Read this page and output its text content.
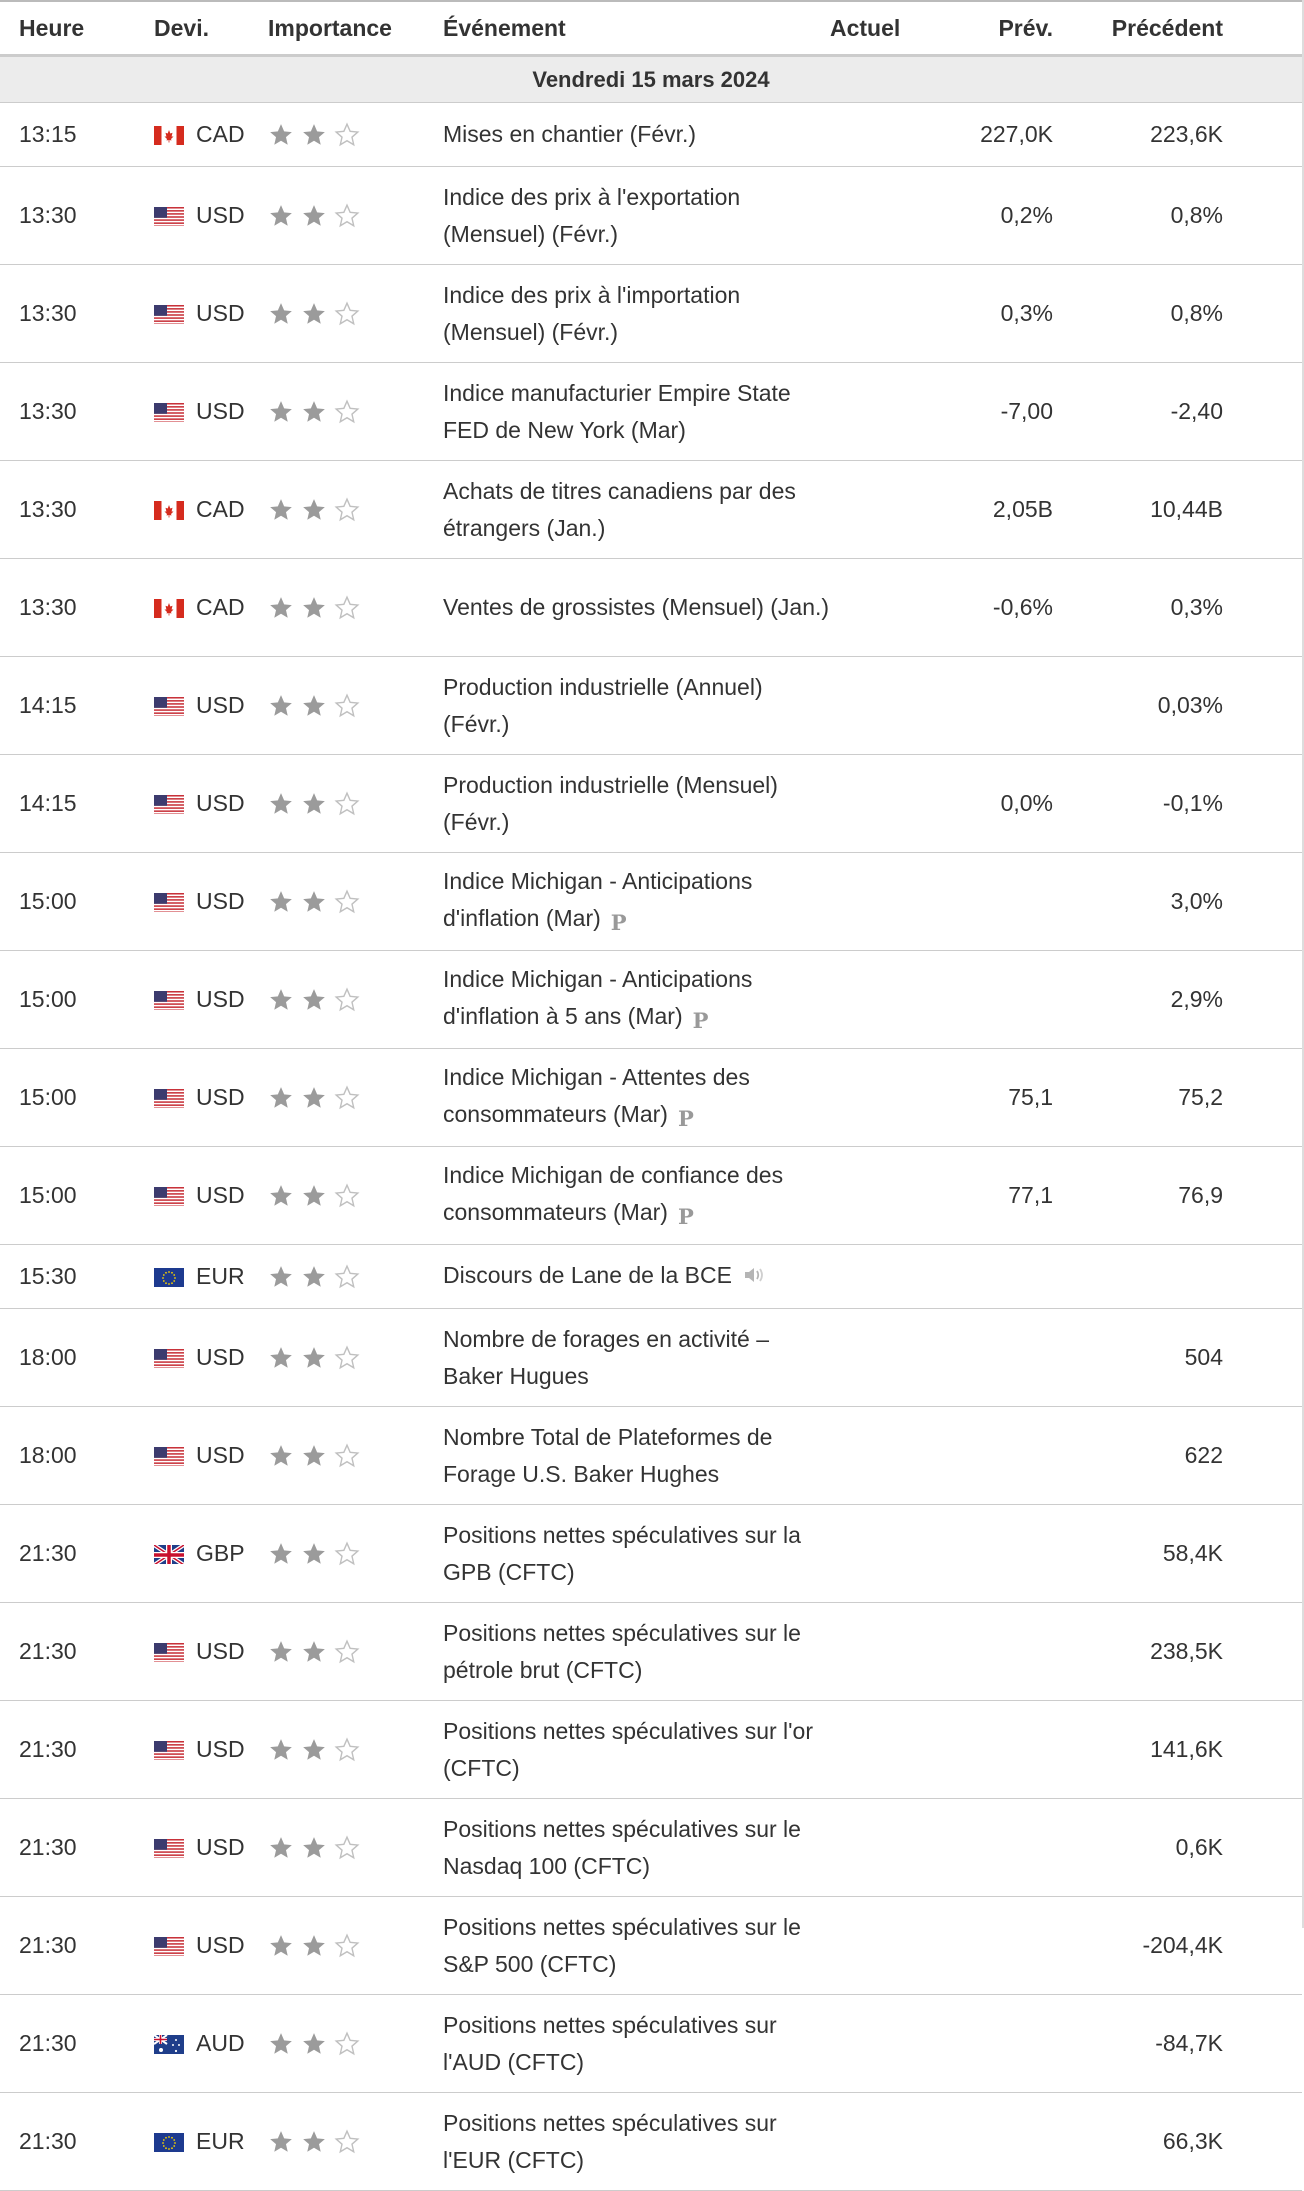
Heure	Devi.	Importance	Événement	Actuel	Prév.	Précédent	
Vendredi 15 mars 2024							
13:15	CAD		Mises en chantier (Févr.)		227,0K	223,6K	
13:30	USD		Indice des prix à l'exportation (Mensuel) (Févr.)		0,2%	0,8%	
13:30	USD		Indice des prix à l'importation (Mensuel) (Févr.)		0,3%	0,8%	
13:30	USD		Indice manufacturier Empire State FED de New York (Mar)		-7,00	-2,40	
13:30	CAD		Achats de titres canadiens par des étrangers (Jan.)		2,05B	10,44B	
13:30	CAD		Ventes de grossistes (Mensuel) (Jan.)		-0,6%	0,3%	
14:15	USD		Production industrielle (Annuel) (Févr.)			0,03%	
14:15	USD		Production industrielle (Mensuel) (Févr.)		0,0%	-0,1%	
15:00	USD		Indice Michigan - Anticipations d'inflation (Mar) P			3,0%	
15:00	USD		Indice Michigan - Anticipations d'inflation à 5 ans (Mar) P			2,9%	
15:00	USD		Indice Michigan - Attentes des consommateurs (Mar) P		75,1	75,2	
15:00	USD		Indice Michigan de confiance des consommateurs (Mar) P		77,1	76,9	
15:30	EUR		Discours de Lane de la BCE				
18:00	USD		Nombre de forages en activité – Baker Hugues			504	
18:00	USD		Nombre Total de Plateformes de Forage U.S. Baker Hughes			622	
21:30	GBP		Positions nettes spéculatives sur la GPB (CFTC)			58,4K	
21:30	USD		Positions nettes spéculatives sur le pétrole brut (CFTC)			238,5K	
21:30	USD		Positions nettes spéculatives sur l'or (CFTC)			141,6K	
21:30	USD		Positions nettes spéculatives sur le Nasdaq 100 (CFTC)			0,6K	
21:30	USD		Positions nettes spéculatives sur le S&P 500 (CFTC)			-204,4K	
21:30	AUD		Positions nettes spéculatives sur l'AUD (CFTC)			-84,7K	
21:30	EUR		Positions nettes spéculatives sur l'EUR (CFTC)			66,3K	
